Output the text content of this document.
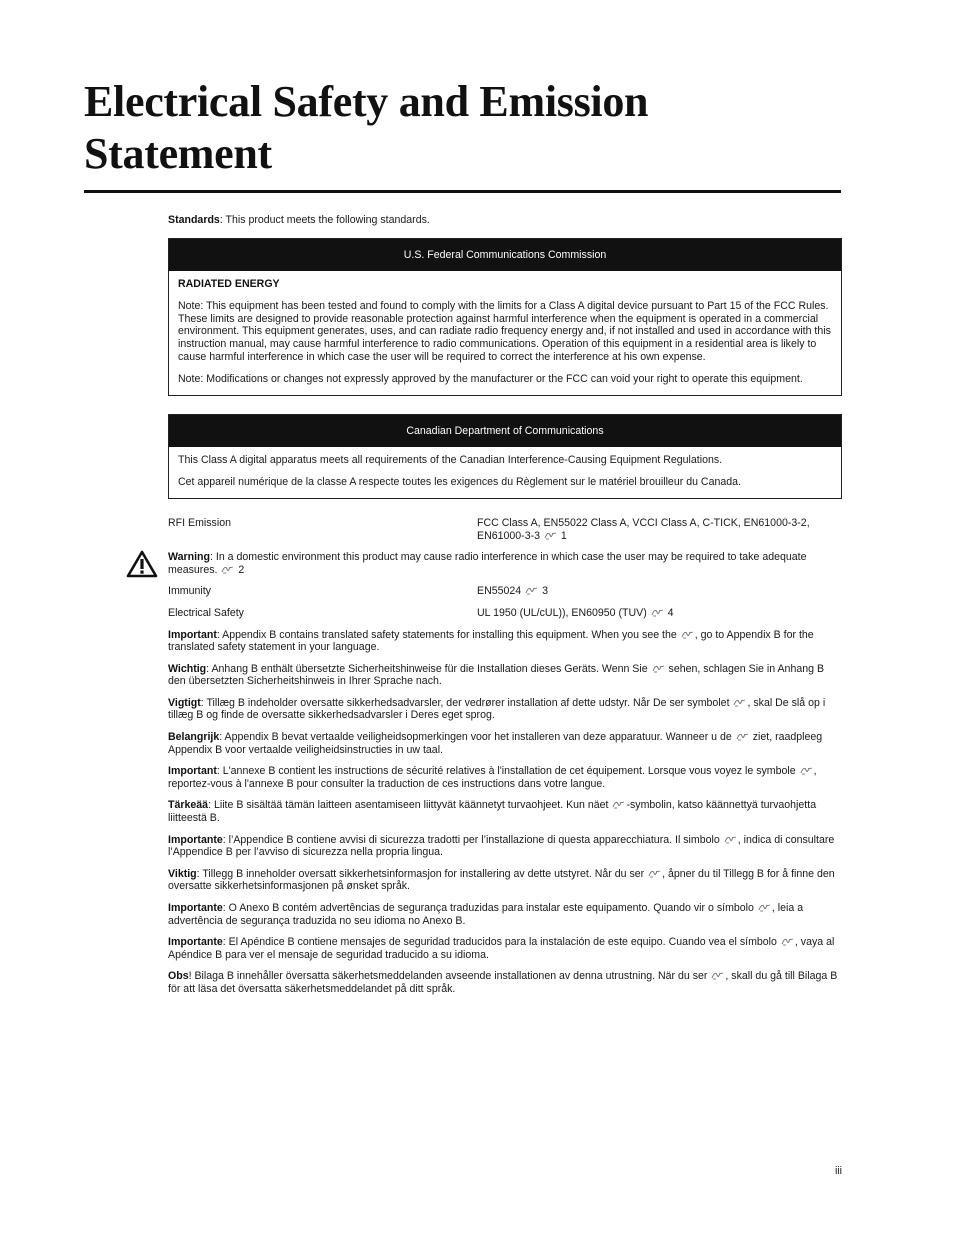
Electrical Safety and Emission Statement

Standards: This product meets the following standards.

U.S. Federal Communications Commission

RADIATED ENERGY

Note: This equipment has been tested and found to comply with the limits for a Class A digital device pursuant to Part 15 of the FCC Rules. These limits are designed to provide reasonable protection against harmful interference when the equipment is operated in a commercial environment. This equipment generates, uses, and can radiate radio frequency energy and, if not installed and used in accordance with this instruction manual, may cause harmful interference to radio communications. Operation of this equipment in a residential area is likely to cause harmful interference in which case the user will be required to correct the interference at his own expense.

Note: Modifications or changes not expressly approved by the manufacturer or the FCC can void your right to operate this equipment.

Canadian Department of Communications

This Class A digital apparatus meets all requirements of the Canadian Interference-Causing Equipment Regulations.

Cet appareil numérique de la classe A respecte toutes les exigences du Règlement sur le matériel brouilleur du Canada.

RFI Emission	FCC Class A, EN55022 Class A, VCCI Class A, C-TICK, EN61000-3-2, EN61000-3-3 1

Warning: In a domestic environment this product may cause radio interference in which case the user may be required to take adequate measures. 2

Immunity	EN55024 3
Electrical Safety	UL 1950 (UL/cUL)), EN60950 (TUV) 4

Important: Appendix B contains translated safety statements for installing this equipment. When you see the , go to Appendix B for the translated safety statement in your language.

Wichtig: Anhang B enthält übersetzte Sicherheitshinweise für die Installation dieses Geräts. Wenn Sie sehen, schlagen Sie in Anhang B den übersetzten Sicherheitshinweis in Ihrer Sprache nach.

Vigtigt: Tillæg B indeholder oversatte sikkerhedsadvarsler, der vedrører installation af dette udstyr. Når De ser symbolet , skal De slå op i tillæg B og finde de oversatte sikkerhedsadvarsler i Deres eget sprog.

Belangrijk: Appendix B bevat vertaalde veiligheidsopmerkingen voor het installeren van deze apparatuur. Wanneer u de ziet, raadpleeg Appendix B voor vertaalde veiligheidsinstructies in uw taal.

Important: L'annexe B contient les instructions de sécurité relatives à l'installation de cet équipement. Lorsque vous voyez le symbole , reportez-vous à l'annexe B pour consulter la traduction de ces instructions dans votre langue.

Tärkeää: Liite B sisältää tämän laitteen asentamiseen liittyvät käännetyt turvaohjeet. Kun näet -symbolin, katso käännettyä turvaohjetta liitteestä B.

Importante: l’Appendice B contiene avvisi di sicurezza tradotti per l’installazione di questa apparecchiatura. Il simbolo , indica di consultare l’Appendice B per l’avviso di sicurezza nella propria lingua.

Viktig: Tillegg B inneholder oversatt sikkerhetsinformasjon for installering av dette utstyret. Når du ser , åpner du til Tillegg B for å finne den oversatte sikkerhetsinformasjonen på ønsket språk.

Importante: O Anexo B contém advertências de segurança traduzidas para instalar este equipamento. Quando vir o símbolo , leia a advertência de segurança traduzida no seu idioma no Anexo B.

Importante: El Apéndice B contiene mensajes de seguridad traducidos para la instalación de este equipo. Cuando vea el símbolo , vaya al Apéndice B para ver el mensaje de seguridad traducido a su idioma.

Obs! Bilaga B innehåller översatta säkerhetsmeddelanden avseende installationen av denna utrustning. När du ser , skall du gå till Bilaga B för att läsa det översatta säkerhetsmeddelandet på ditt språk.

iii
